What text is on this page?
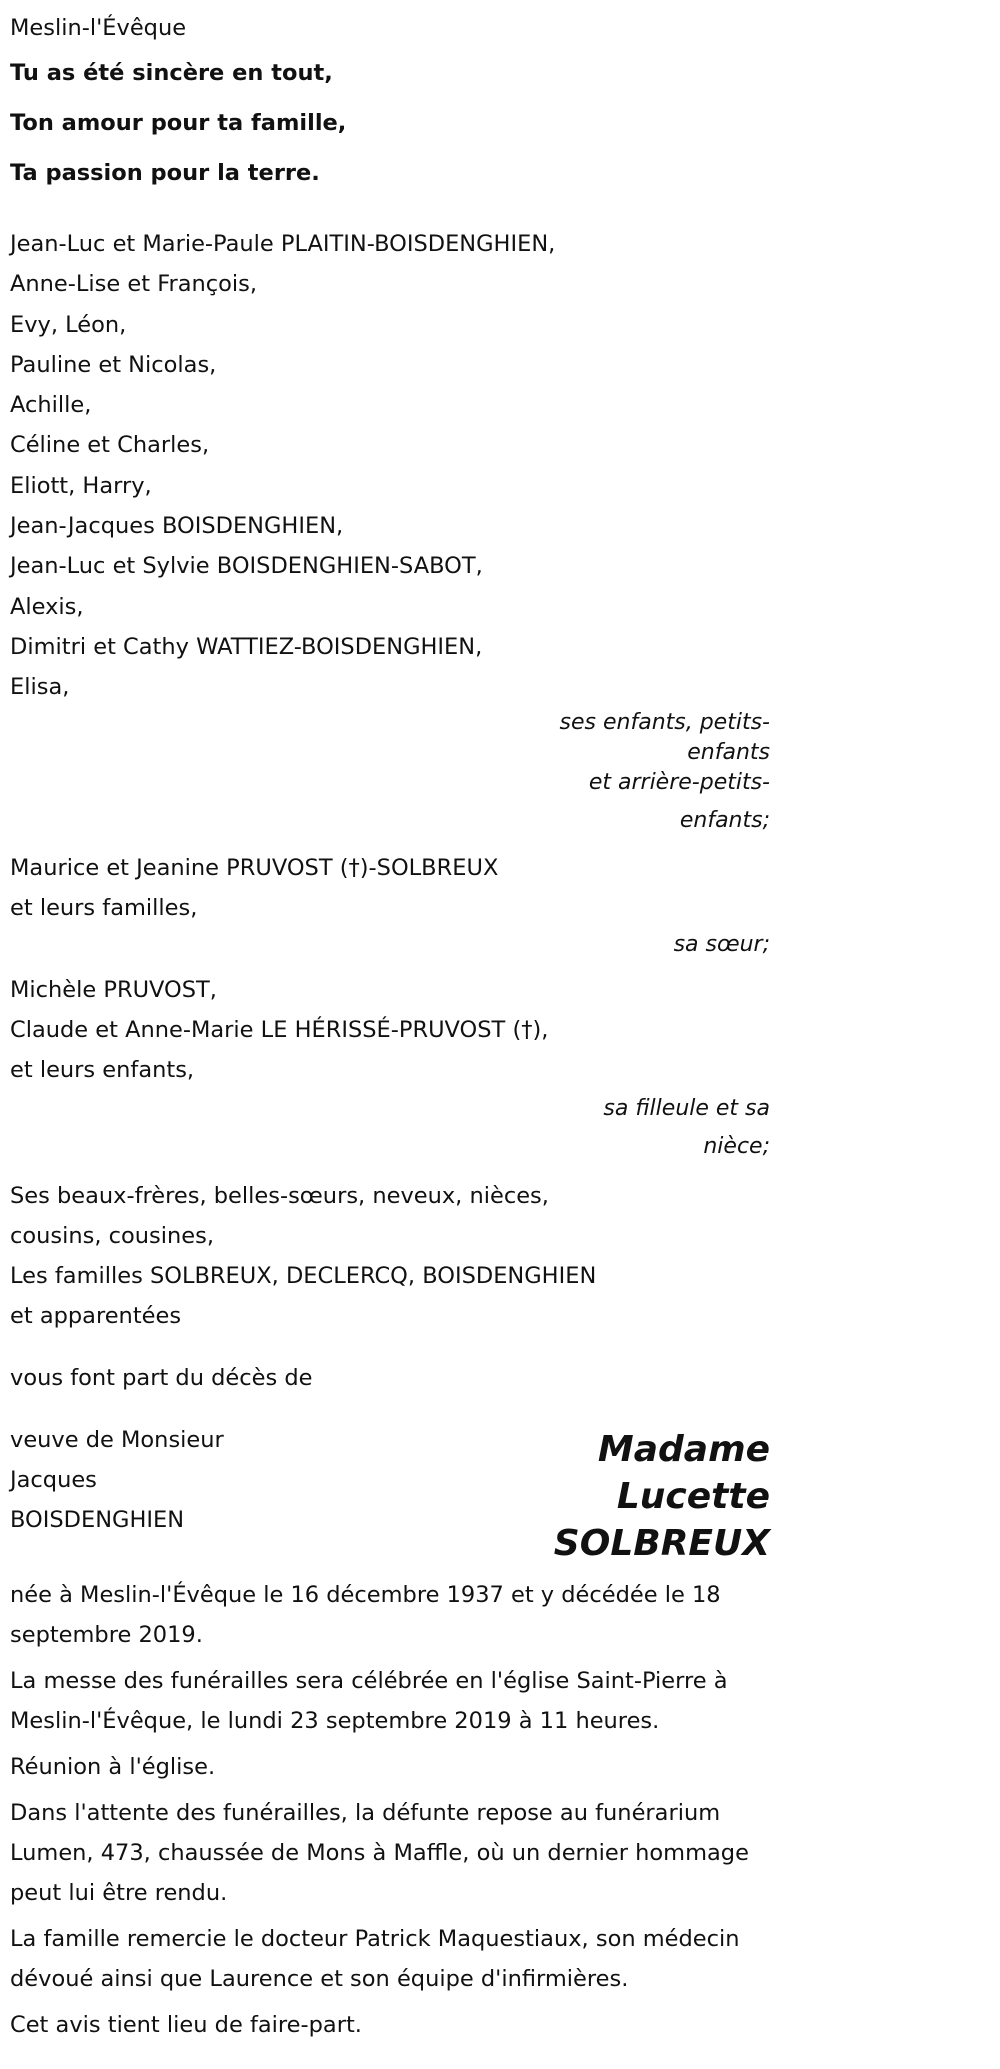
Meslin-l'Évêque
Tu as été sincère en tout,
Ton amour pour ta famille,
Ta passion pour la terre.
Jean-Luc et Marie-Paule PLAITIN-BOISDENGHIEN,
Anne-Lise et François,
Evy, Léon,
Pauline et Nicolas,
Achille,
Céline et Charles,
Eliott, Harry,
Jean-Jacques BOISDENGHIEN,
Jean-Luc et Sylvie BOISDENGHIEN-SABOT,
Alexis,
Dimitri et Cathy WATTIEZ-BOISDENGHIEN,
Elisa,
ses enfants, petits-
enfants
et arrière-petits-
enfants;
Maurice et Jeanine PRUVOST (†)-SOLBREUX
et leurs familles,
sa sœur;
Michèle PRUVOST,
Claude et Anne-Marie LE HÉRISSÉ-PRUVOST (†),
et leurs enfants,
sa filleule et sa
nièce;
Ses beaux-frères, belles-sœurs, neveux, nièces,
cousins, cousines,
Les familles SOLBREUX, DECLERCQ, BOISDENGHIEN
et apparentées
vous font part du décès de
veuve de Monsieur
Jacques
BOISDENGHIEN
Madame
Lucette
SOLBREUX

née à Meslin-l'Évêque le 16 décembre 1937 et y décédée le 18 septembre 2019.

La messe des funérailles sera célébrée en l'église Saint-Pierre à Meslin-l'Évêque, le lundi 23 septembre 2019 à 11 heures.

Réunion à l'église.

Dans l'attente des funérailles, la défunte repose au funérarium Lumen, 473, chaussée de Mons à Maffle, où un dernier hommage peut lui être rendu.

La famille remercie le docteur Patrick Maquestiaux, son médecin dévoué ainsi que Laurence et son équipe d'infirmières.

Cet avis tient lieu de faire-part.
